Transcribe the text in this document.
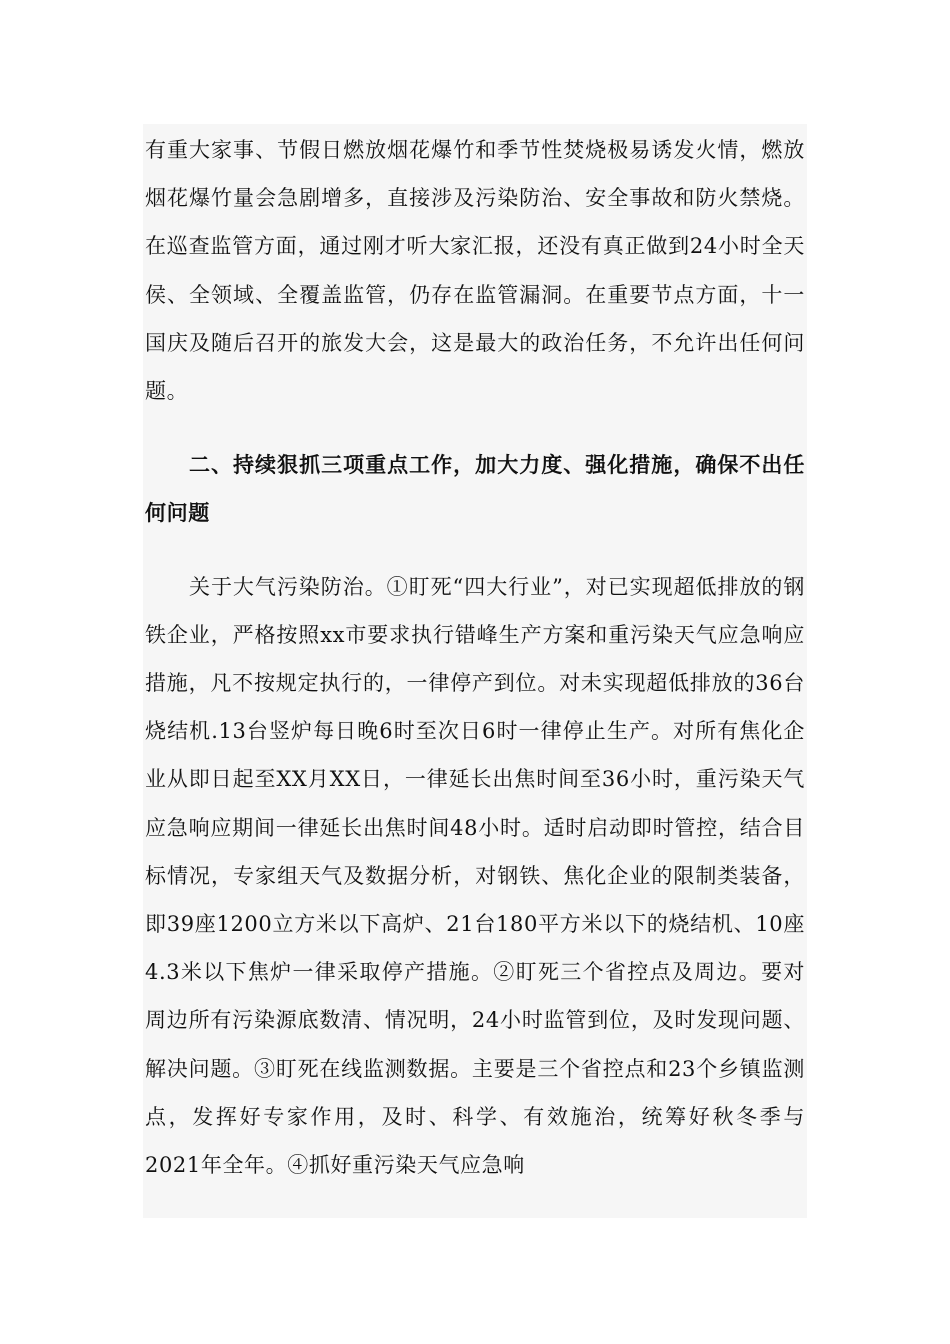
有重大家事、节假日燃放烟花爆竹和季节性焚烧极易诱发火情，燃放烟花爆竹量会急剧增多，直接涉及污染防治、安全事故和防火禁烧。在巡查监管方面，通过刚才听大家汇报，还没有真正做到24小时全天侯、全领域、全覆盖监管，仍存在监管漏洞。在重要节点方面，十一国庆及随后召开的旅发大会，这是最大的政治任务，不允许出任何问题。

二、持续狠抓三项重点工作，加大力度、强化措施，确保不出任何问题

关于大气污染防治。①盯死“四大行业”，对已实现超低排放的钢铁企业，严格按照xx市要求执行错峰生产方案和重污染天气应急响应措施，凡不按规定执行的，一律停产到位。对未实现超低排放的36台烧结机.13台竖炉每日晚6时至次日6时一律停止生产。对所有焦化企业从即日起至XX月XX日，一律延长出焦时间至36小时，重污染天气应急响应期间一律延长出焦时间48小时。适时启动即时管控，结合目标情况，专家组天气及数据分析，对钢铁、焦化企业的限制类装备，即39座1200立方米以下高炉、21台180平方米以下的烧结机、10座4.3米以下焦炉一律采取停产措施。②盯死三个省控点及周边。要对周边所有污染源底数清、情况明，24小时监管到位，及时发现问题、解决问题。③盯死在线监测数据。主要是三个省控点和23个乡镇监测点，发挥好专家作用，及时、科学、有效施治，统筹好秋冬季与2021年全年。④抓好重污染天气应急响
